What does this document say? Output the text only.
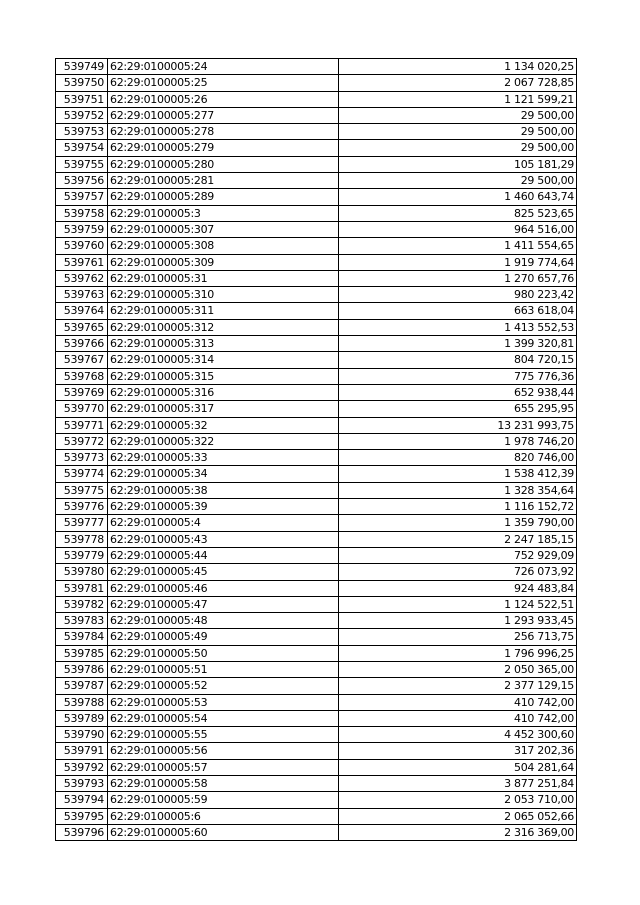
539749	62:29:0100005:24	1 134 020,25
539750	62:29:0100005:25	2 067 728,85
539751	62:29:0100005:26	1 121 599,21
539752	62:29:0100005:277	29 500,00
539753	62:29:0100005:278	29 500,00
539754	62:29:0100005:279	29 500,00
539755	62:29:0100005:280	105 181,29
539756	62:29:0100005:281	29 500,00
539757	62:29:0100005:289	1 460 643,74
539758	62:29:0100005:3	825 523,65
539759	62:29:0100005:307	964 516,00
539760	62:29:0100005:308	1 411 554,65
539761	62:29:0100005:309	1 919 774,64
539762	62:29:0100005:31	1 270 657,76
539763	62:29:0100005:310	980 223,42
539764	62:29:0100005:311	663 618,04
539765	62:29:0100005:312	1 413 552,53
539766	62:29:0100005:313	1 399 320,81
539767	62:29:0100005:314	804 720,15
539768	62:29:0100005:315	775 776,36
539769	62:29:0100005:316	652 938,44
539770	62:29:0100005:317	655 295,95
539771	62:29:0100005:32	13 231 993,75
539772	62:29:0100005:322	1 978 746,20
539773	62:29:0100005:33	820 746,00
539774	62:29:0100005:34	1 538 412,39
539775	62:29:0100005:38	1 328 354,64
539776	62:29:0100005:39	1 116 152,72
539777	62:29:0100005:4	1 359 790,00
539778	62:29:0100005:43	2 247 185,15
539779	62:29:0100005:44	752 929,09
539780	62:29:0100005:45	726 073,92
539781	62:29:0100005:46	924 483,84
539782	62:29:0100005:47	1 124 522,51
539783	62:29:0100005:48	1 293 933,45
539784	62:29:0100005:49	256 713,75
539785	62:29:0100005:50	1 796 996,25
539786	62:29:0100005:51	2 050 365,00
539787	62:29:0100005:52	2 377 129,15
539788	62:29:0100005:53	410 742,00
539789	62:29:0100005:54	410 742,00
539790	62:29:0100005:55	4 452 300,60
539791	62:29:0100005:56	317 202,36
539792	62:29:0100005:57	504 281,64
539793	62:29:0100005:58	3 877 251,84
539794	62:29:0100005:59	2 053 710,00
539795	62:29:0100005:6	2 065 052,66
539796	62:29:0100005:60	2 316 369,00
